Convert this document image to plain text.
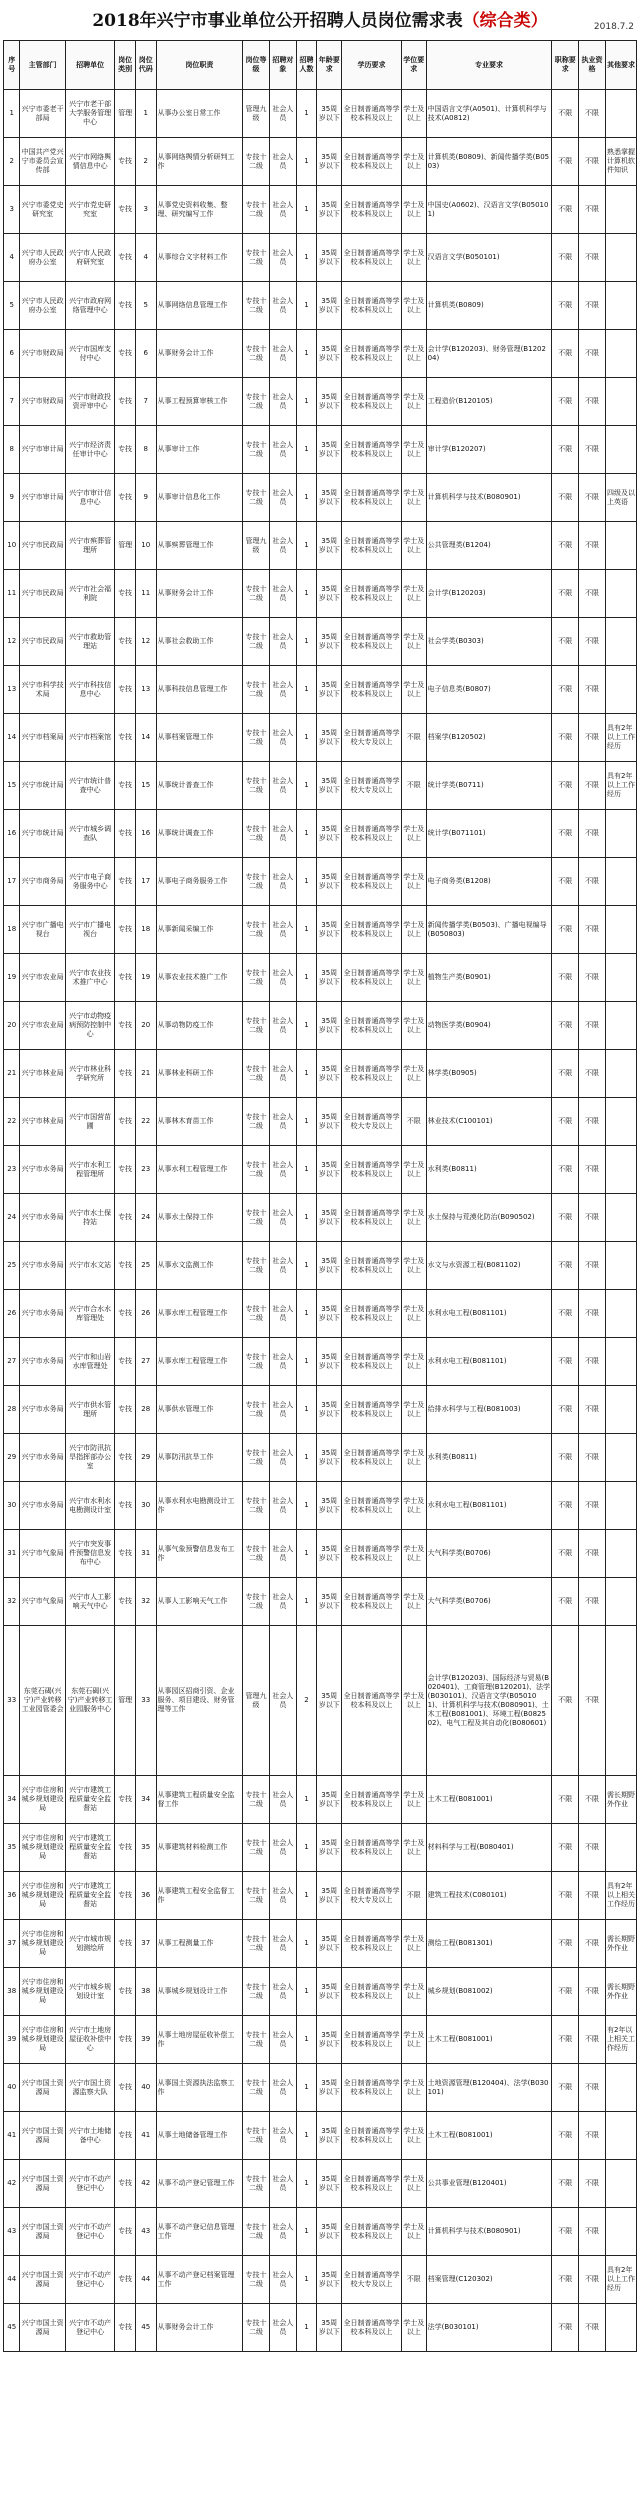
2018年兴宁市事业单位公开招聘人员岗位需求表（综合类）	2018.7.2
序号	主管部门	招聘单位	岗位类别	岗位代码	岗位职责	岗位等级	招聘对象	招聘人数	年龄要求	学历要求	学位要求	专业要求	职称要求	执业资格	其他要求
1	兴宁市委老干部局	兴宁市老干部大学服务管理中心	管理	1	从事办公室日常工作	管理九级	社会人员	1	35周岁以下	全日制普通高等学校本科及以上	学士及以上	中国语言文学(A0501)、计算机科学与技术(A0812)	不限	不限	
2	中国共产党兴宁市委员会宣传部	兴宁市网络舆情信息中心	专技	2	从事网络舆情分析研判工作	专技十二级	社会人员	1	35周岁以下	全日制普通高等学校本科及以上	学士及以上	计算机类(B0809)、新闻传播学类(B0503)	不限	不限	熟悉掌握计算机软件知识
3	兴宁市委党史研究室	兴宁市党史研究室	专技	3	从事党史资料收集、整理、研究编写工作	专技十二级	社会人员	1	35周岁以下	全日制普通高等学校本科及以上	学士及以上	中国史(A0602)、汉语言文学(B050101)	不限	不限	
4	兴宁市人民政府办公室	兴宁市人民政府研究室	专技	4	从事综合文字材料工作	专技十二级	社会人员	1	35周岁以下	全日制普通高等学校本科及以上	学士及以上	汉语言文学(B050101)	不限	不限	
5	兴宁市人民政府办公室	兴宁市政府网络管理中心	专技	5	从事网络信息管理工作	专技十二级	社会人员	1	35周岁以下	全日制普通高等学校本科及以上	学士及以上	计算机类(B0809)	不限	不限	
6	兴宁市财政局	兴宁市国库支付中心	专技	6	从事财务会计工作	专技十二级	社会人员	1	35周岁以下	全日制普通高等学校本科及以上	学士及以上	会计学(B120203)、财务管理(B120204)	不限	不限	
7	兴宁市财政局	兴宁市财政投资评审中心	专技	7	从事工程预算审核工作	专技十二级	社会人员	1	35周岁以下	全日制普通高等学校本科及以上	学士及以上	工程造价(B120105)	不限	不限	
8	兴宁市审计局	兴宁市经济责任审计中心	专技	8	从事审计工作	专技十二级	社会人员	1	35周岁以下	全日制普通高等学校本科及以上	学士及以上	审计学(B120207)	不限	不限	
9	兴宁市审计局	兴宁市审计信息中心	专技	9	从事审计信息化工作	专技十二级	社会人员	1	35周岁以下	全日制普通高等学校本科及以上	学士及以上	计算机科学与技术(B080901)	不限	不限	四级及以上英语
10	兴宁市民政局	兴宁市殡葬管理所	管理	10	从事殡葬管理工作	管理九级	社会人员	1	35周岁以下	全日制普通高等学校本科及以上	学士及以上	公共管理类(B1204)	不限	不限	
11	兴宁市民政局	兴宁市社会福利院	专技	11	从事财务会计工作	专技十二级	社会人员	1	35周岁以下	全日制普通高等学校本科及以上	学士及以上	会计学(B120203)	不限	不限	
12	兴宁市民政局	兴宁市救助管理站	专技	12	从事社会救助工作	专技十二级	社会人员	1	35周岁以下	全日制普通高等学校本科及以上	学士及以上	社会学类(B0303)	不限	不限	
13	兴宁市科学技术局	兴宁市科技信息中心	专技	13	从事科技信息管理工作	专技十二级	社会人员	1	35周岁以下	全日制普通高等学校本科及以上	学士及以上	电子信息类(B0807)	不限	不限	
14	兴宁市档案局	兴宁市档案馆	专技	14	从事档案管理工作	专技十二级	社会人员	1	35周岁以下	全日制普通高等学校大专及以上	不限	档案学(B120502)	不限	不限	具有2年以上工作经历
15	兴宁市统计局	兴宁市统计普查中心	专技	15	从事统计普查工作	专技十二级	社会人员	1	35周岁以下	全日制普通高等学校大专及以上	不限	统计学类(B0711)	不限	不限	具有2年以上工作经历
16	兴宁市统计局	兴宁市城乡调查队	专技	16	从事统计调查工作	专技十二级	社会人员	1	35周岁以下	全日制普通高等学校本科及以上	学士及以上	统计学(B071101)	不限	不限	
17	兴宁市商务局	兴宁市电子商务服务中心	专技	17	从事电子商务服务工作	专技十二级	社会人员	1	35周岁以下	全日制普通高等学校本科及以上	学士及以上	电子商务类(B1208)	不限	不限	
18	兴宁市广播电视台	兴宁市广播电视台	专技	18	从事新闻采编工作	专技十二级	社会人员	1	35周岁以下	全日制普通高等学校本科及以上	学士及以上	新闻传播学类(B0503)、广播电视编导(B050803)	不限	不限	
19	兴宁市农业局	兴宁市农业技术推广中心	专技	19	从事农业技术推广工作	专技十二级	社会人员	1	35周岁以下	全日制普通高等学校本科及以上	学士及以上	植物生产类(B0901)	不限	不限	
20	兴宁市农业局	兴宁市动物疫病预防控制中心	专技	20	从事动物防疫工作	专技十二级	社会人员	1	35周岁以下	全日制普通高等学校本科及以上	学士及以上	动物医学类(B0904)	不限	不限	
21	兴宁市林业局	兴宁市林业科学研究所	专技	21	从事林业科研工作	专技十二级	社会人员	1	35周岁以下	全日制普通高等学校本科及以上	学士及以上	林学类(B0905)	不限	不限	
22	兴宁市林业局	兴宁市国营苗圃	专技	22	从事林木育苗工作	专技十二级	社会人员	1	35周岁以下	全日制普通高等学校大专及以上	不限	林业技术(C100101)	不限	不限	
23	兴宁市水务局	兴宁市水利工程管理所	专技	23	从事水利工程管理工作	专技十二级	社会人员	1	35周岁以下	全日制普通高等学校本科及以上	学士及以上	水利类(B0811)	不限	不限	
24	兴宁市水务局	兴宁市水土保持站	专技	24	从事水土保持工作	专技十二级	社会人员	1	35周岁以下	全日制普通高等学校本科及以上	学士及以上	水土保持与荒漠化防治(B090502)	不限	不限	
25	兴宁市水务局	兴宁市水文站	专技	25	从事水文监测工作	专技十二级	社会人员	1	35周岁以下	全日制普通高等学校本科及以上	学士及以上	水文与水资源工程(B081102)	不限	不限	
26	兴宁市水务局	兴宁市合水水库管理处	专技	26	从事水库工程管理工作	专技十二级	社会人员	1	35周岁以下	全日制普通高等学校本科及以上	学士及以上	水利水电工程(B081101)	不限	不限	
27	兴宁市水务局	兴宁市和山岩水库管理处	专技	27	从事水库工程管理工作	专技十二级	社会人员	1	35周岁以下	全日制普通高等学校本科及以上	学士及以上	水利水电工程(B081101)	不限	不限	
28	兴宁市水务局	兴宁市供水管理所	专技	28	从事供水管理工作	专技十二级	社会人员	1	35周岁以下	全日制普通高等学校本科及以上	学士及以上	给排水科学与工程(B081003)	不限	不限	
29	兴宁市水务局	兴宁市防汛抗旱指挥部办公室	专技	29	从事防汛抗旱工作	专技十二级	社会人员	1	35周岁以下	全日制普通高等学校本科及以上	学士及以上	水利类(B0811)	不限	不限	
30	兴宁市水务局	兴宁市水利水电勘测设计室	专技	30	从事水利水电勘测设计工作	专技十二级	社会人员	1	35周岁以下	全日制普通高等学校本科及以上	学士及以上	水利水电工程(B081101)	不限	不限	
31	兴宁市气象局	兴宁市突发事件预警信息发布中心	专技	31	从事气象预警信息发布工作	专技十二级	社会人员	1	35周岁以下	全日制普通高等学校本科及以上	学士及以上	大气科学类(B0706)	不限	不限	
32	兴宁市气象局	兴宁市人工影响天气中心	专技	32	从事人工影响天气工作	专技十二级	社会人员	1	35周岁以下	全日制普通高等学校本科及以上	学士及以上	大气科学类(B0706)	不限	不限	
33	东莞石碣(兴宁)产业转移工业园管委会	东莞石碣(兴宁)产业转移工业园服务中心	管理	33	从事园区招商引资、企业服务、项目建设、财务管理等工作	管理九级	社会人员	2	35周岁以下	全日制普通高等学校本科及以上	学士及以上	会计学(B120203)、国际经济与贸易(B020401)、工商管理(B120201)、法学(B030101)、汉语言文学(B050101)、计算机科学与技术(B080901)、土木工程(B081001)、环境工程(B082502)、电气工程及其自动化(B080601)	不限	不限	
34	兴宁市住房和城乡规划建设局	兴宁市建筑工程质量安全监督站	专技	34	从事建筑工程质量安全监督工作	专技十二级	社会人员	1	35周岁以下	全日制普通高等学校本科及以上	学士及以上	土木工程(B081001)	不限	不限	需长期野外作业
35	兴宁市住房和城乡规划建设局	兴宁市建筑工程质量安全监督站	专技	35	从事建筑材料检测工作	专技十二级	社会人员	1	35周岁以下	全日制普通高等学校本科及以上	学士及以上	材料科学与工程(B080401)	不限	不限	
36	兴宁市住房和城乡规划建设局	兴宁市建筑工程质量安全监督站	专技	36	从事建筑工程安全监督工作	专技十二级	社会人员	1	35周岁以下	全日制普通高等学校大专及以上	不限	建筑工程技术(C080101)	不限	不限	具有2年以上相关工作经历
37	兴宁市住房和城乡规划建设局	兴宁市城市规划测绘所	专技	37	从事工程测量工作	专技十二级	社会人员	1	35周岁以下	全日制普通高等学校本科及以上	学士及以上	测绘工程(B081301)	不限	不限	需长期野外作业
38	兴宁市住房和城乡规划建设局	兴宁市城乡规划设计室	专技	38	从事城乡规划设计工作	专技十二级	社会人员	1	35周岁以下	全日制普通高等学校本科及以上	学士及以上	城乡规划(B081002)	不限	不限	需长期野外作业
39	兴宁市住房和城乡规划建设局	兴宁市土地房屋征收补偿中心	专技	39	从事土地房屋征收补偿工作	专技十二级	社会人员	1	35周岁以下	全日制普通高等学校本科及以上	学士及以上	土木工程(B081001)	不限	不限	有2年以上相关工作经历
40	兴宁市国土资源局	兴宁市国土资源监察大队	专技	40	从事国土资源执法监察工作	专技十二级	社会人员	1	35周岁以下	全日制普通高等学校本科及以上	学士及以上	土地资源管理(B120404)、法学(B030101)	不限	不限	
41	兴宁市国土资源局	兴宁市土地储备中心	专技	41	从事土地储备管理工作	专技十二级	社会人员	1	35周岁以下	全日制普通高等学校本科及以上	学士及以上	土木工程(B081001)	不限	不限	
42	兴宁市国土资源局	兴宁市不动产登记中心	专技	42	从事不动产登记管理工作	专技十二级	社会人员	1	35周岁以下	全日制普通高等学校本科及以上	学士及以上	公共事业管理(B120401)	不限	不限	
43	兴宁市国土资源局	兴宁市不动产登记中心	专技	43	从事不动产登记信息管理工作	专技十二级	社会人员	1	35周岁以下	全日制普通高等学校本科及以上	学士及以上	计算机科学与技术(B080901)	不限	不限	
44	兴宁市国土资源局	兴宁市不动产登记中心	专技	44	从事不动产登记档案管理工作	专技十二级	社会人员	1	35周岁以下	全日制普通高等学校大专及以上	不限	档案管理(C120302)	不限	不限	具有2年以上工作经历
45	兴宁市国土资源局	兴宁市不动产登记中心	专技	45	从事财务会计工作	专技十二级	社会人员	1	35周岁以下	全日制普通高等学校本科及以上	学士及以上	法学(B030101)	不限	不限	
